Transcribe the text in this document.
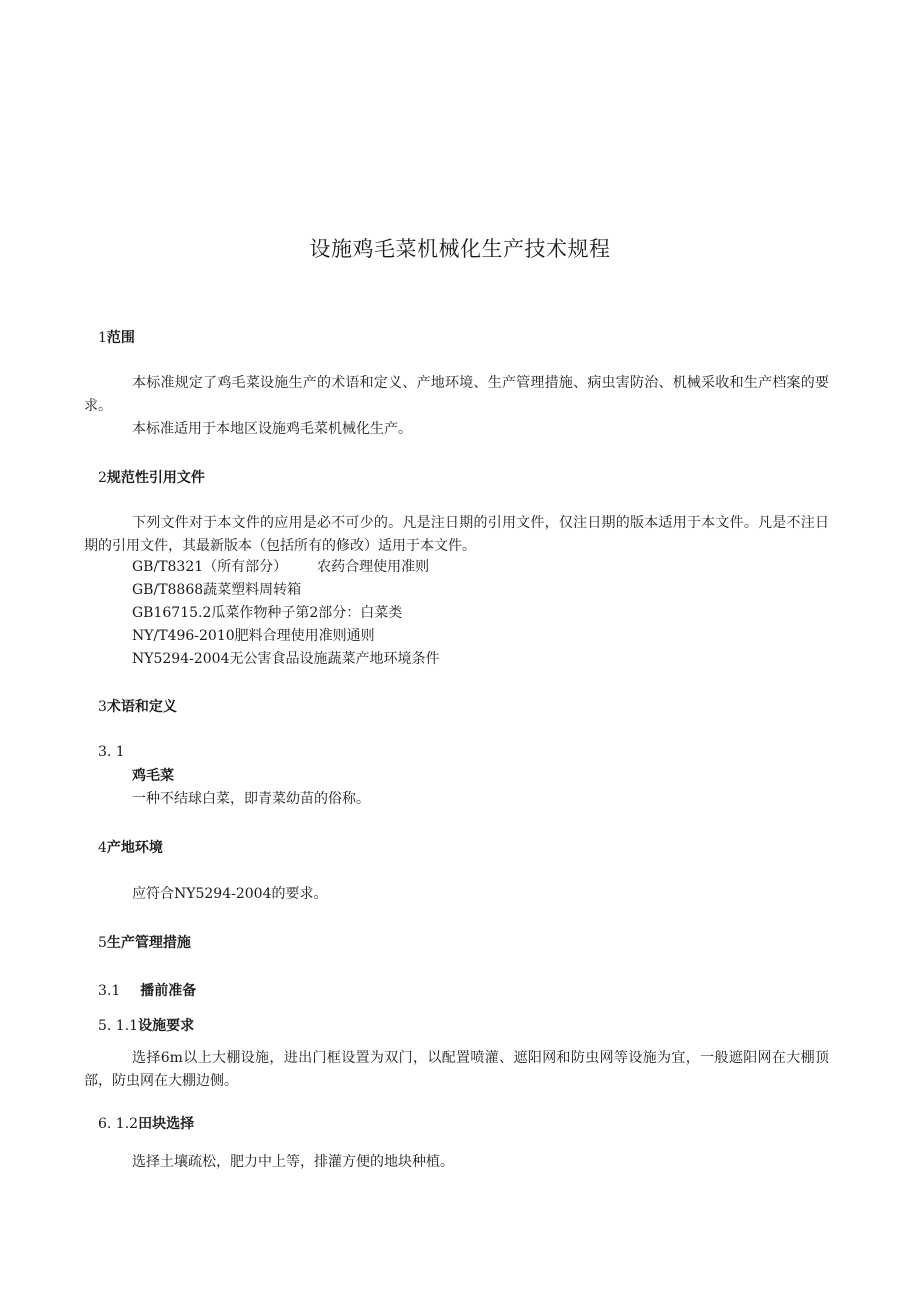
设施鸡毛菜机械化生产技术规程
1范围

本标准规定了鸡毛菜设施生产的术语和定义、产地环境、生产管理措施、病虫害防治、机械采收和生产档案的要求。

本标准适用于本地区设施鸡毛菜机械化生产。

2规范性引用文件

下列文件对于本文件的应用是必不可少的。凡是注日期的引用文件，仅注日期的版本适用于本文件。凡是不注日期的引用文件，其最新版本（包括所有的修改）适用于本文件。

GB/T8321（所有部分） 农药合理使用准则
GB/T8868蔬菜塑料周转箱
GB16715.2瓜菜作物种子第2部分：白菜类
NY/T496-2010肥料合理使用准则通则
NY5294-2004无公害食品设施蔬菜产地环境条件
3术语和定义
3. 1
鸡毛菜
一种不结球白菜，即青菜幼苗的俗称。
4产地环境
应符合NY5294-2004的要求。
5生产管理措施
3.1 播前准备
5. 1.1设施要求

选择6m以上大棚设施，进出门框设置为双门，以配置喷灌、遮阳网和防虫网等设施为宜，一般遮阳网在大棚顶部，防虫网在大棚边侧。

6. 1.2田块选择
选择土壤疏松，肥力中上等，排灌方便的地块种植。
